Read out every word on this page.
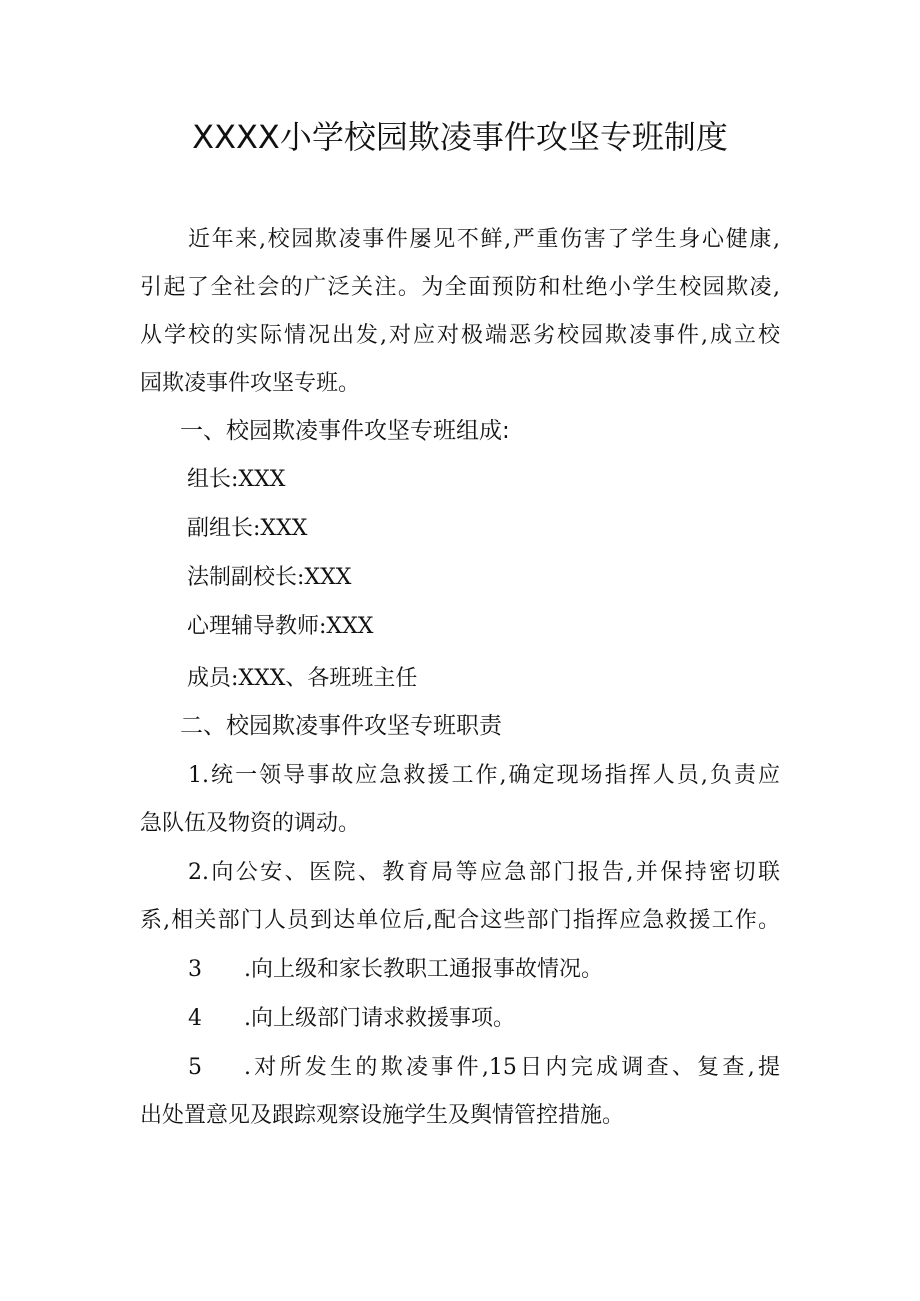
XXXX小学校园欺凌事件攻坚专班制度
近年来,校园欺凌事件屡见不鲜,严重伤害了学生身心健康,
引起了全社会的广泛关注。为全面预防和杜绝小学生校园欺凌,
从学校的实际情况出发,对应对极端恶劣校园欺凌事件,成立校
园欺凌事件攻坚专班。
一、校园欺凌事件攻坚专班组成:
组长:XXX
副组长:XXX
法制副校长:XXX
心理辅导教师:XXX
成员:XXX、各班班主任
二、校园欺凌事件攻坚专班职责
1.统一领导事故应急救援工作,确定现场指挥人员,负责应
急队伍及物资的调动。
2.向公安、医院、教育局等应急部门报告,并保持密切联
系,相关部门人员到达单位后,配合这些部门指挥应急救援工作。
3 .向上级和家长教职工通报事故情况。
4 .向上级部门请求救援事项。
5 .对所发生的欺凌事件,15日内完成调查、复查,提
出处置意见及跟踪观察设施学生及舆情管控措施。
